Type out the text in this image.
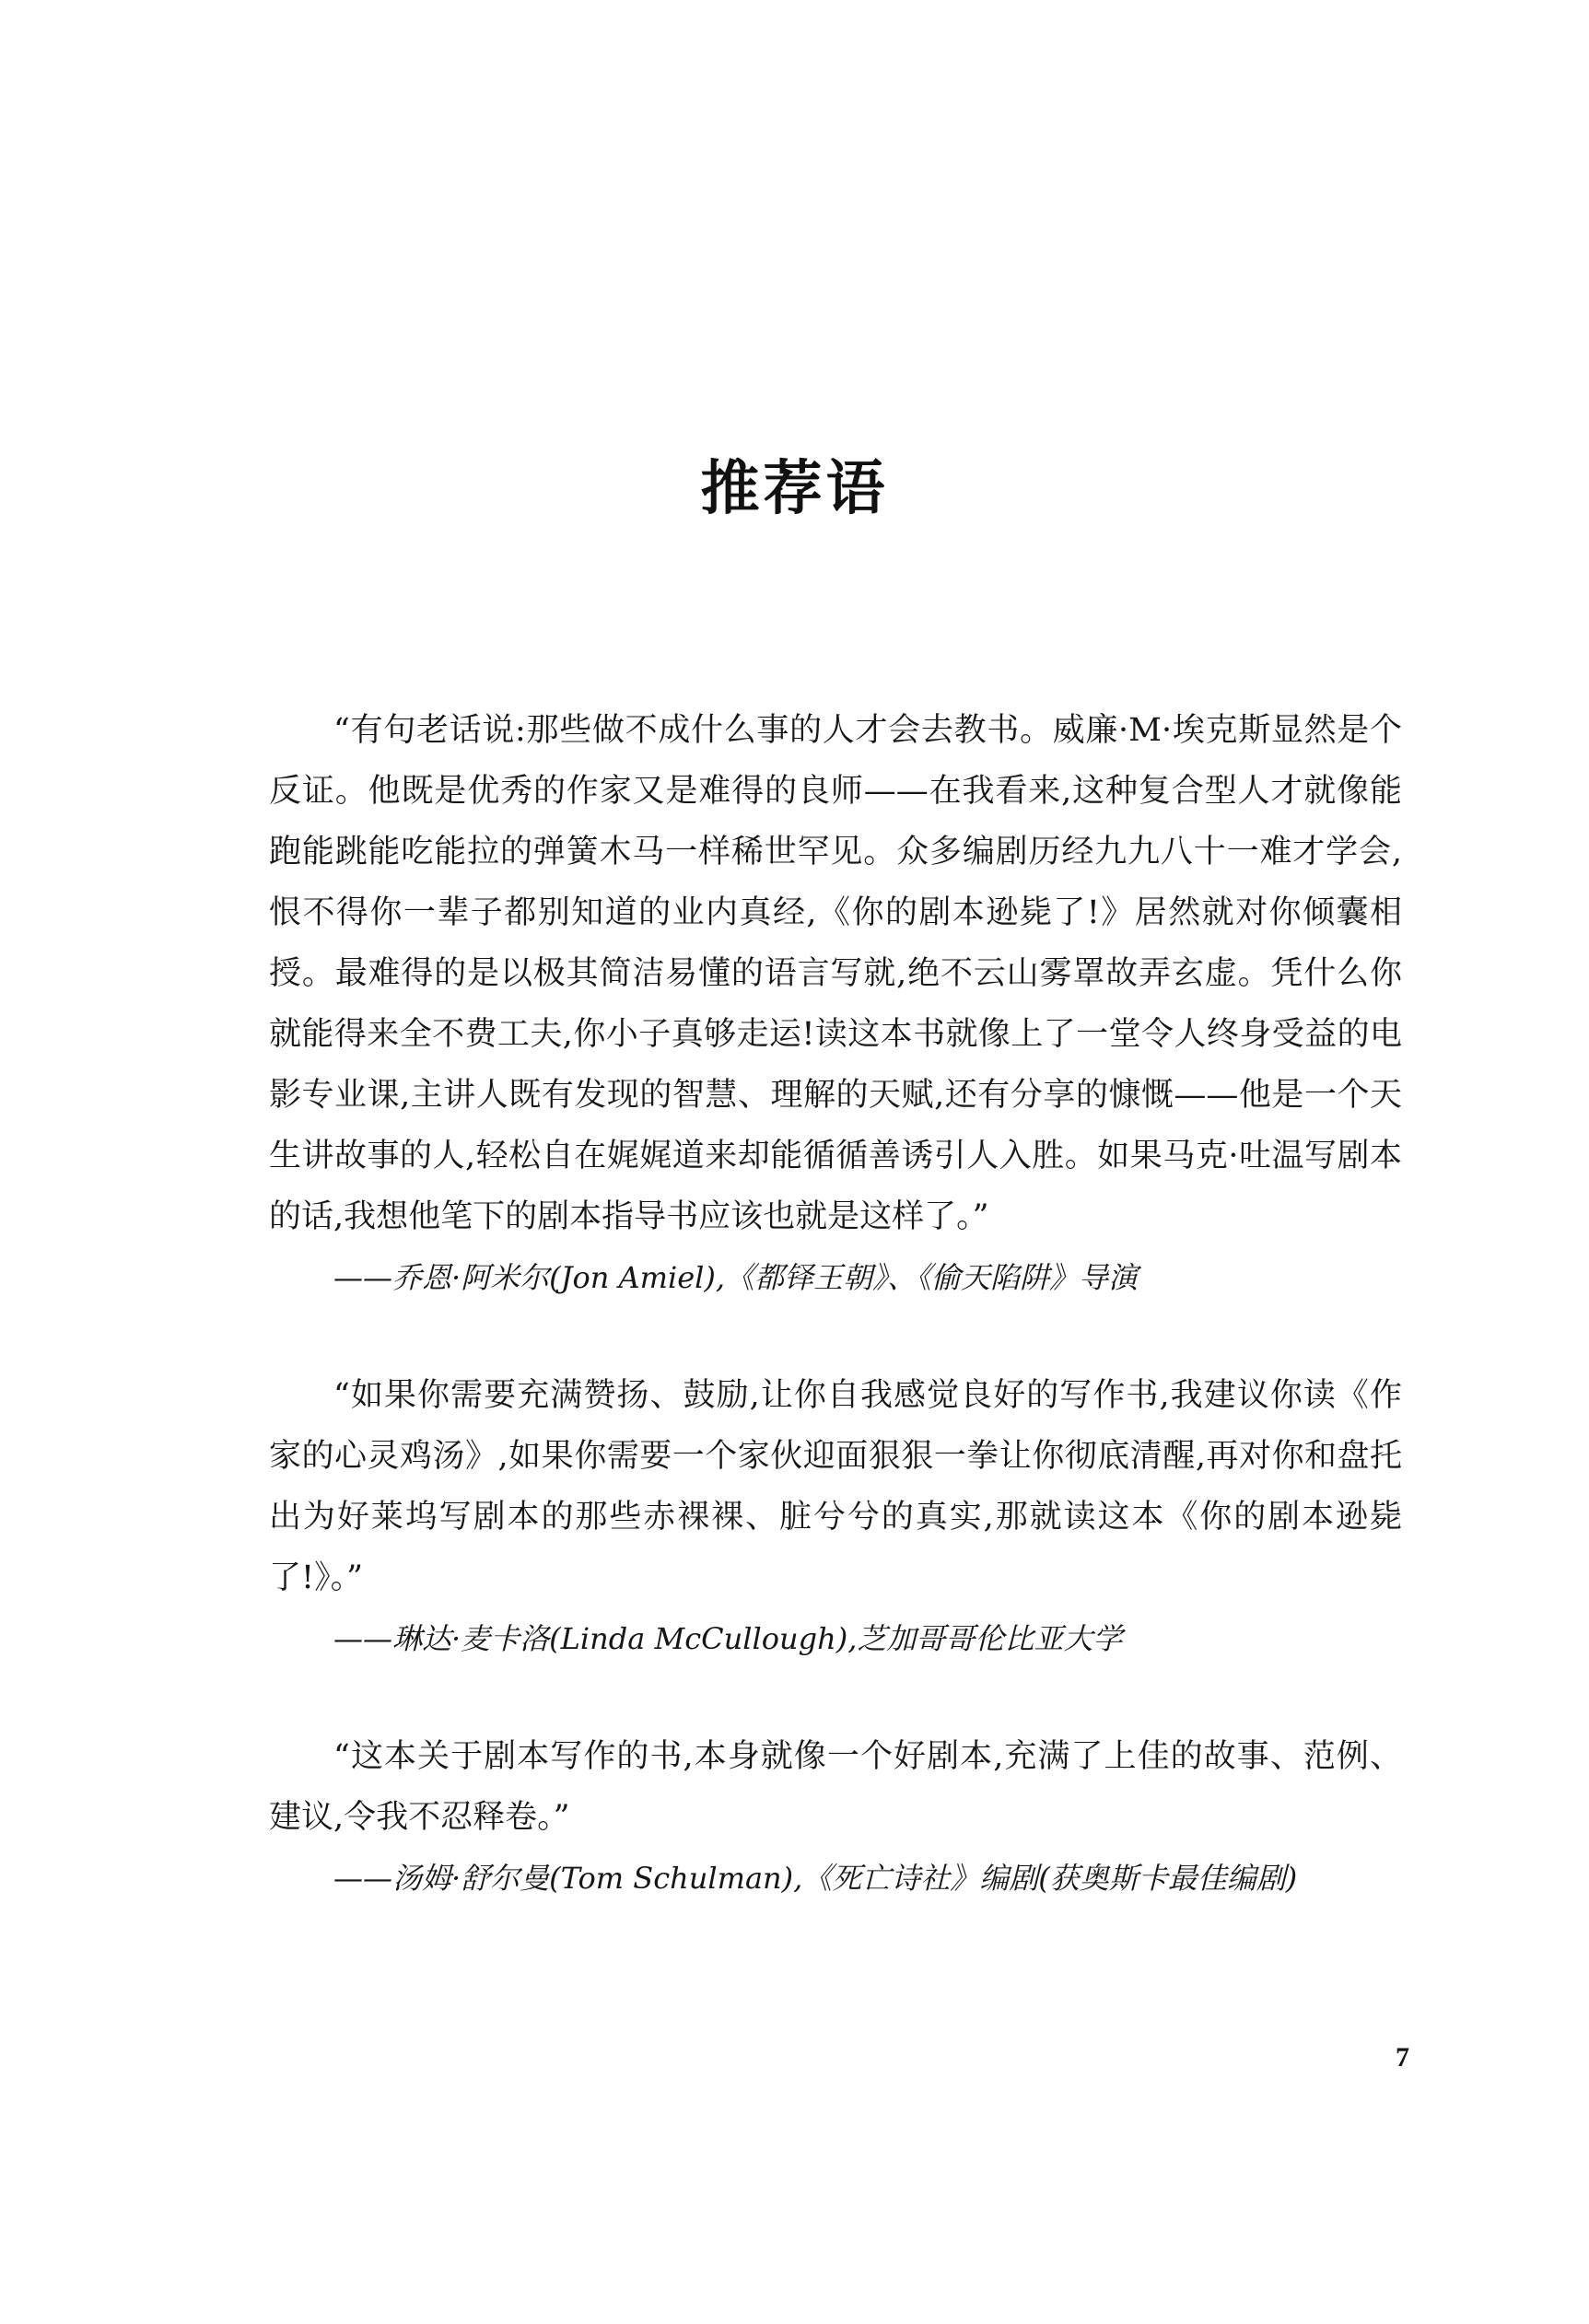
推荐语

“有句老话说:那些做不成什么事的人才会去教书。威廉·M·埃克斯显然是个反证。他既是优秀的作家又是难得的良师——在我看来,这种复合型人才就像能跑能跳能吃能拉的弹簧木马一样稀世罕见。众多编剧历经九九八十一难才学会,恨不得你一辈子都别知道的业内真经,《你的剧本逊毙了!》居然就对你倾囊相授。最难得的是以极其简洁易懂的语言写就,绝不云山雾罩故弄玄虚。凭什么你就能得来全不费工夫,你小子真够走运!读这本书就像上了一堂令人终身受益的电影专业课,主讲人既有发现的智慧、理解的天赋,还有分享的慷慨——他是一个天生讲故事的人,轻松自在娓娓道来却能循循善诱引人入胜。如果马克·吐温写剧本的话,我想他笔下的剧本指导书应该也就是这样了。”

——乔恩·阿米尔(Jon Amiel),《都铎王朝》、《偷天陷阱》导演

“如果你需要充满赞扬、鼓励,让你自我感觉良好的写作书,我建议你读《作家的心灵鸡汤》,如果你需要一个家伙迎面狠狠一拳让你彻底清醒,再对你和盘托出为好莱坞写剧本的那些赤裸裸、脏兮兮的真实,那就读这本《你的剧本逊毙了!》。”

——琳达·麦卡洛(Linda McCullough),芝加哥哥伦比亚大学

“这本关于剧本写作的书,本身就像一个好剧本,充满了上佳的故事、范例、建议,令我不忍释卷。”

——汤姆·舒尔曼(Tom Schulman),《死亡诗社》编剧(获奥斯卡最佳编剧)

7
